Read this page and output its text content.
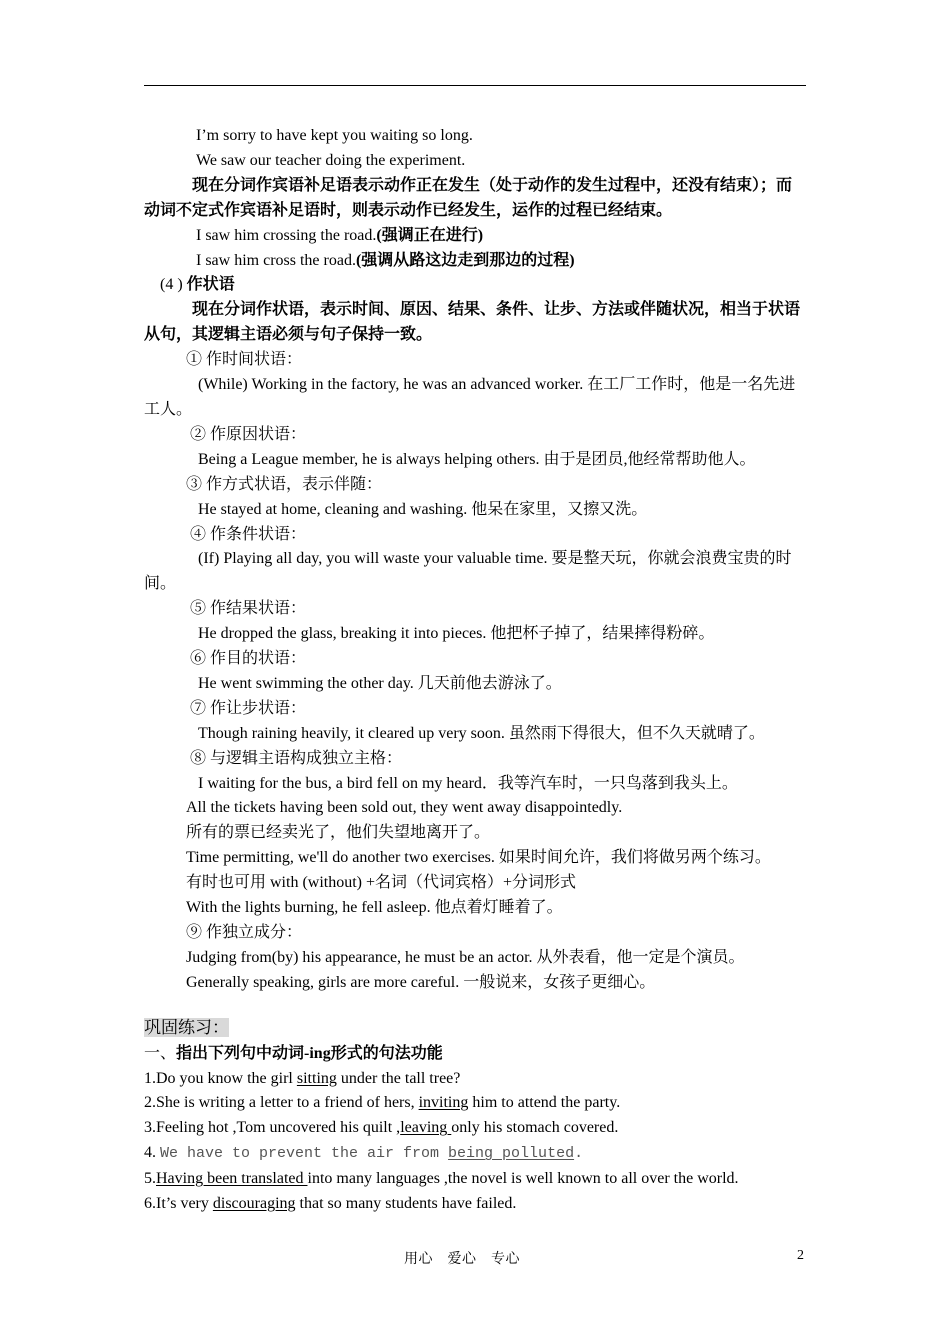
I’m sorry to have kept you waiting so long.
We saw our teacher doing the experiment.
现在分词作宾语补足语表示动作正在发生（处于动作的发生过程中，还没有结束）；而动词不定式作宾语补足语时，则表示动作已经发生，运作的过程已经结束。
I saw him crossing the road.(强调正在进行)
I saw him cross the road.(强调从路这边走到那边的过程)
(4 ) 作状语
现在分词作状语，表示时间、原因、结果、条件、让步、方法或伴随状况，相当于状语从句，其逻辑主语必须与句子保持一致。
① 作时间状语：
(While) Working in the factory, he was an advanced worker. 在工厂工作时，他是一名先进工人。
② 作原因状语：
Being a League member, he is always helping others. 由于是团员,他经常帮助他人。
③ 作方式状语，表示伴随：
He stayed at home, cleaning and washing. 他呆在家里，又擦又洗。
④ 作条件状语：
(If) Playing all day, you will waste your valuable time. 要是整天玩，你就会浪费宝贵的时间。
⑤ 作结果状语：
He dropped the glass, breaking it into pieces. 他把杯子掉了，结果摔得粉碎。
⑥ 作目的状语：
He went swimming the other day. 几天前他去游泳了。
⑦ 作让步状语：
Though raining heavily, it cleared up very soon. 虽然雨下得很大，但不久天就晴了。
⑧ 与逻辑主语构成独立主格：
I waiting for the bus, a bird fell on my heard．我等汽车时，一只鸟落到我头上。
All the tickets having been sold out, they went away disappointedly.
所有的票已经卖光了，他们失望地离开了。
Time permitting, we'll do another two exercises. 如果时间允许，我们将做另两个练习。
有时也可用 with (without) +名词（代词宾格）+分词形式
With the lights burning, he fell asleep. 他点着灯睡着了。
⑨ 作独立成分：
Judging from(by) his appearance, he must be an actor. 从外表看，他一定是个演员。
Generally speaking, girls are more careful. 一般说来，女孩子更细心。
巩固练习：
一、指出下列句中动词-ing形式的句法功能
1.Do you know the girl sitting under the tall tree?
2.She is writing a letter to a friend of hers, inviting him to attend the party.
3.Feeling hot ,Tom uncovered his quilt ,leaving only his stomach covered.
4. We have to prevent the air from being polluted.
5.Having been translated into many languages ,the novel is well known to all over the world.
6.It’s very discouraging that so many students have failed.
用心　爱心　专心	2
